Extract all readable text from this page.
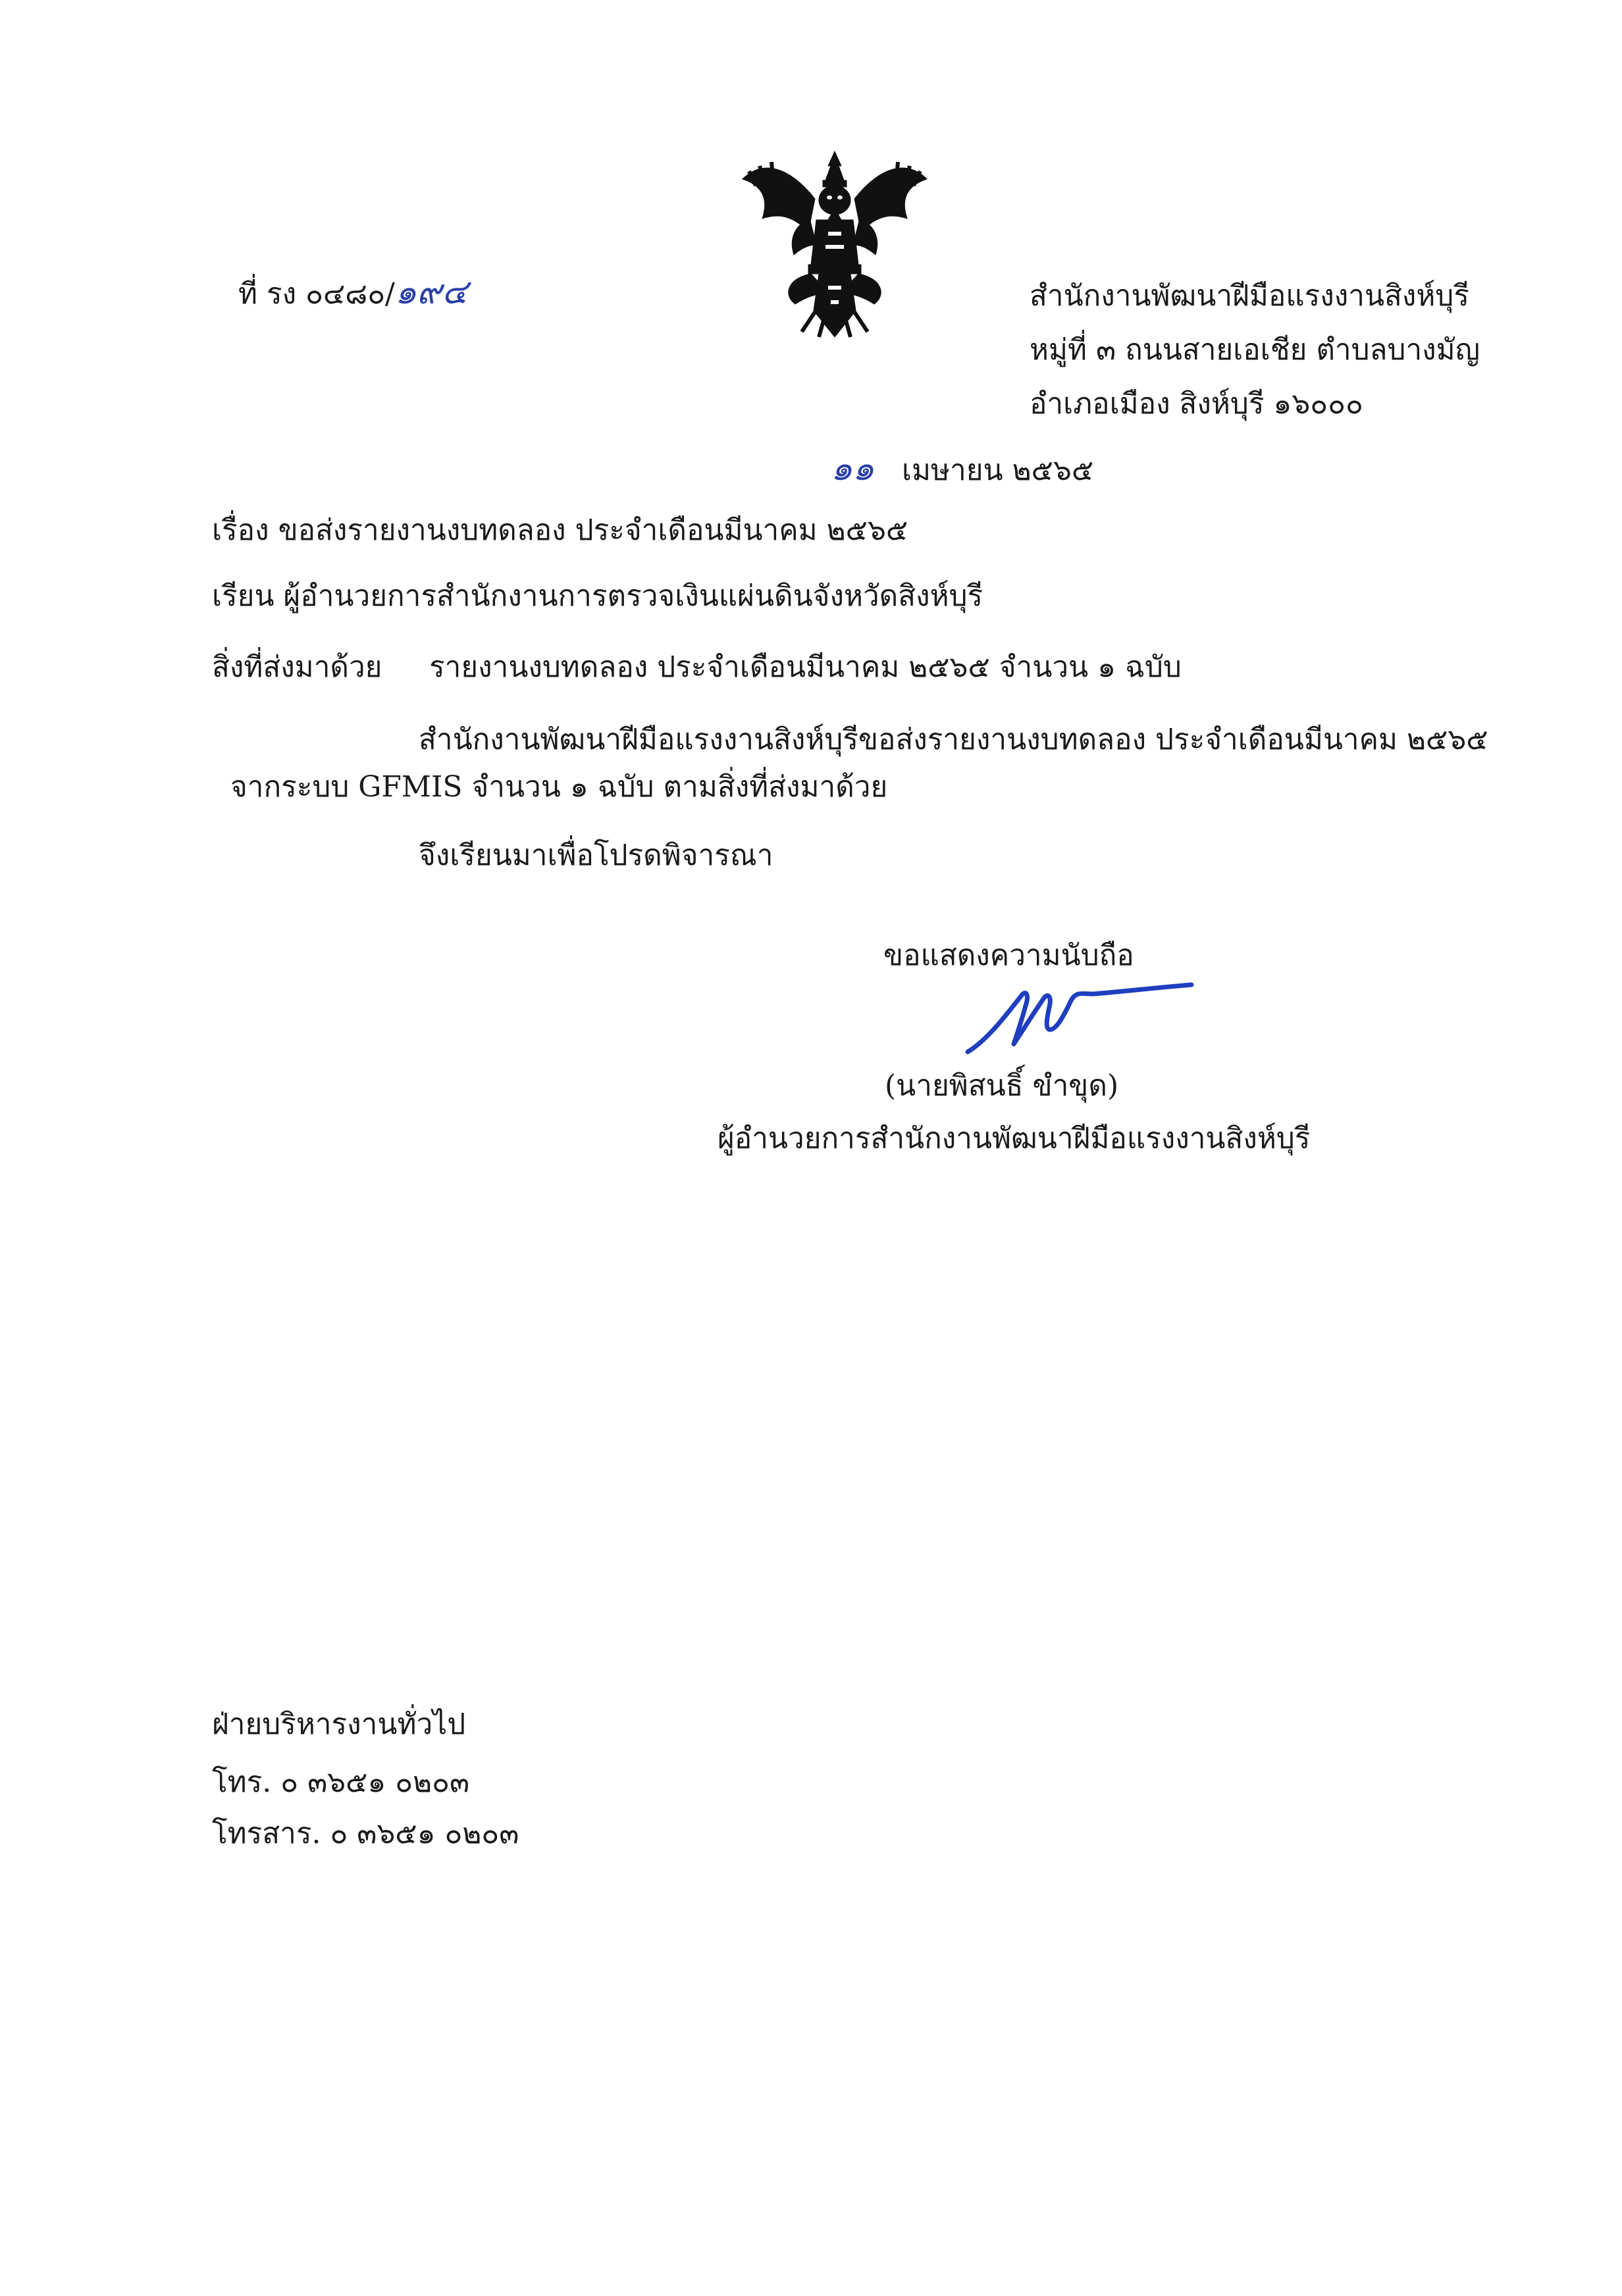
ที่ รง ๐๔๘๐/๑๙๔	สำนักงานพัฒนาฝีมือแรงงานสิงห์บุรี
หมู่ที่ ๓ ถนนสายเอเชีย ตำบลบางมัญ
อำเภอเมือง สิงห์บุรี ๑๖๐๐๐
๑๑ เมษายน ๒๕๖๕
เรื่อง ขอส่งรายงานงบทดลอง ประจำเดือนมีนาคม ๒๕๖๕
เรียน ผู้อำนวยการสำนักงานการตรวจเงินแผ่นดินจังหวัดสิงห์บุรี
สิ่งที่ส่งมาด้วย รายงานงบทดลอง ประจำเดือนมีนาคม ๒๕๖๕ จำนวน ๑ ฉบับ
สำนักงานพัฒนาฝีมือแรงงานสิงห์บุรีขอส่งรายงานงบทดลอง ประจำเดือนมีนาคม ๒๕๖๕
จากระบบ GFMIS จำนวน ๑ ฉบับ ตามสิ่งที่ส่งมาด้วย
จึงเรียนมาเพื่อโปรดพิจารณา
ขอแสดงความนับถือ
(นายพิสนธิ์ ขำขุด)
ผู้อำนวยการสำนักงานพัฒนาฝีมือแรงงานสิงห์บุรี
ฝ่ายบริหารงานทั่วไป
โทร. ๐ ๓๖๕๑ ๐๒๐๓
โทรสาร. ๐ ๓๖๕๑ ๐๒๐๓
